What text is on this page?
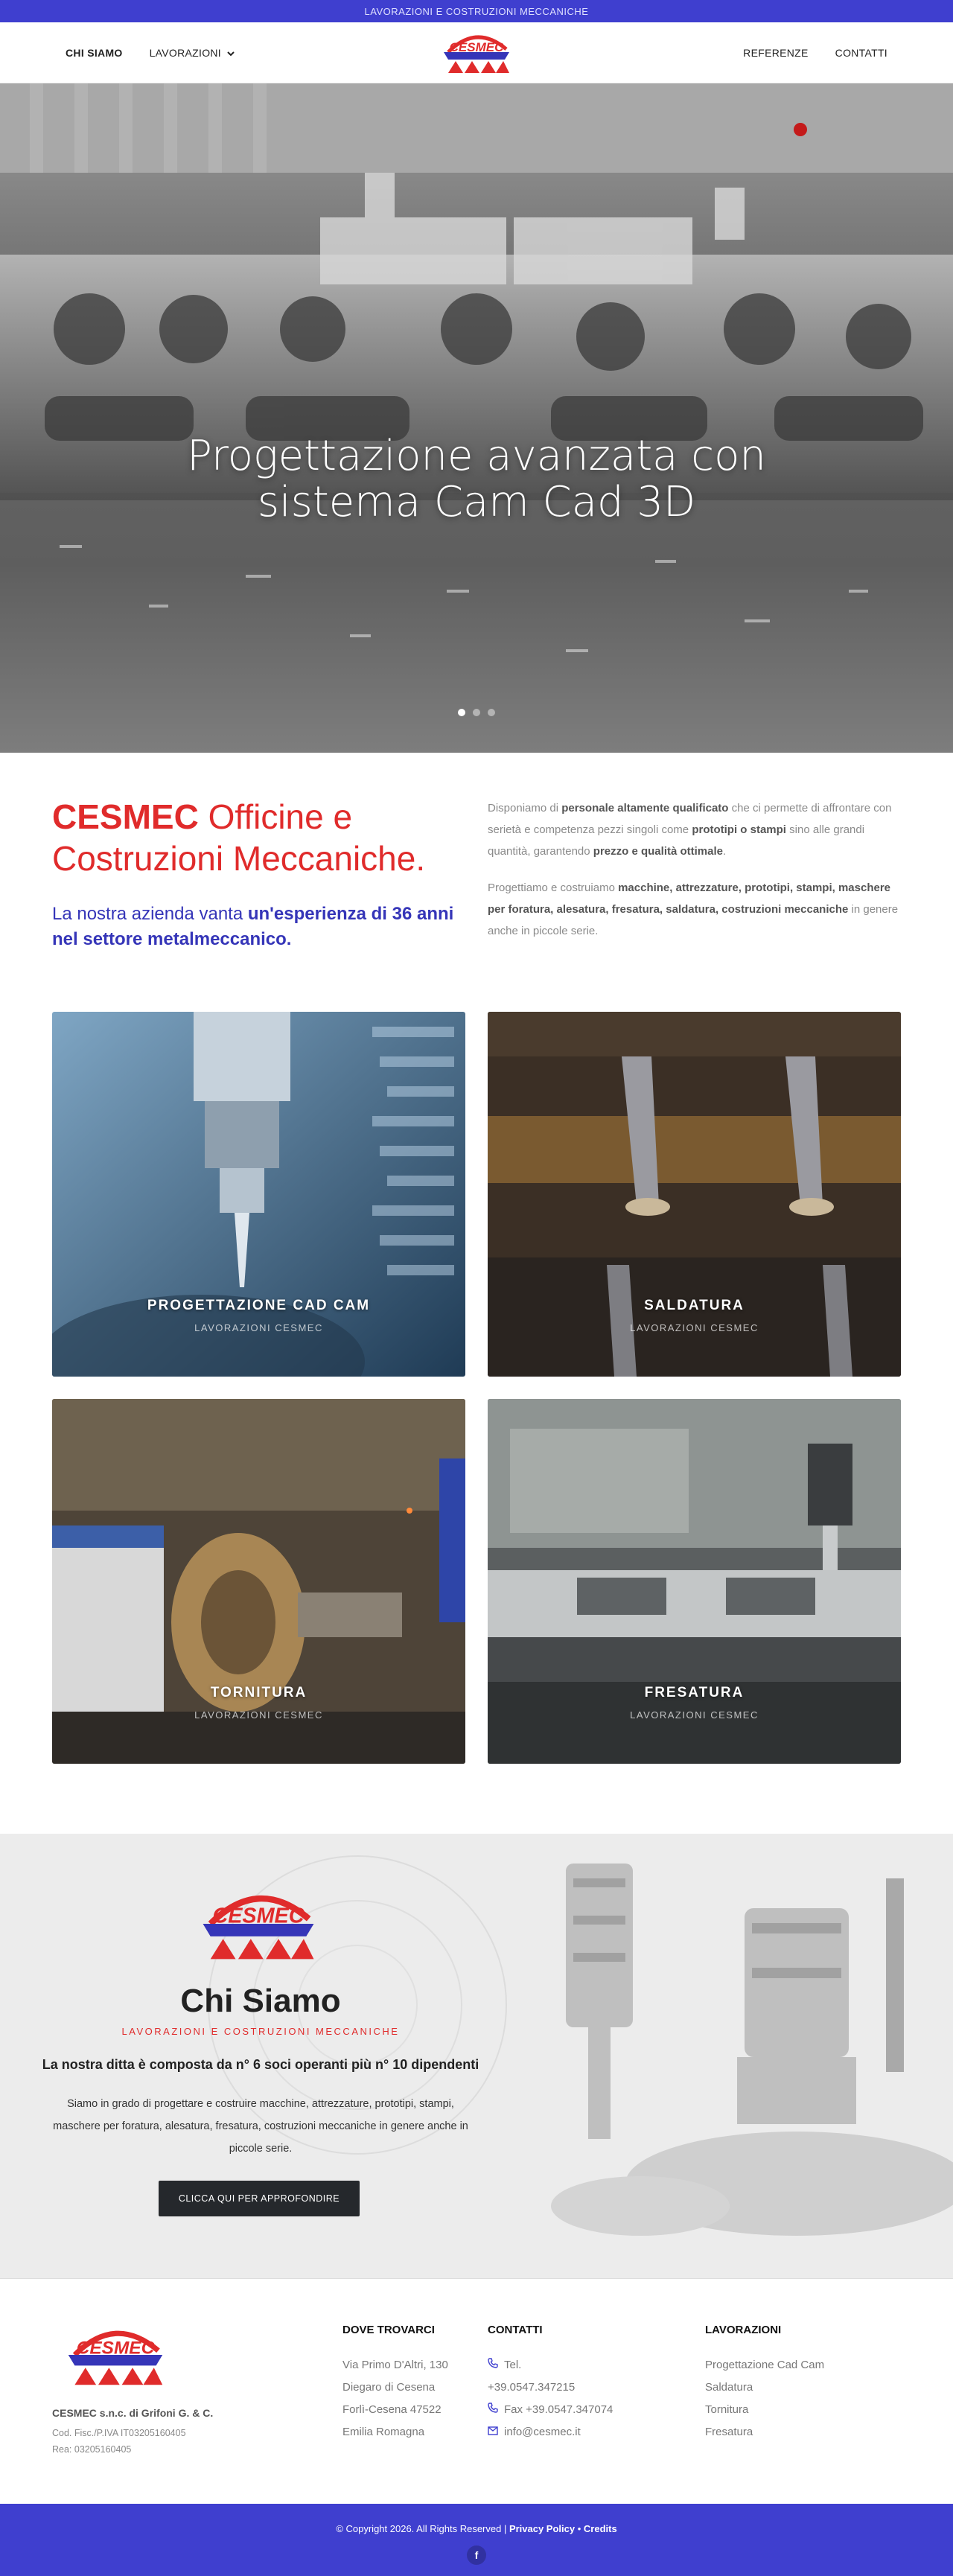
LAVORAZIONI E COSTRUZIONI MECCANICHE
CHI SIAMO	LAVORAZIONI	CESMEC	REFERENZE	CONTATTI
Progettazione avanzata con
sistema Cam Cad 3D
CESMEC Officine e
Costruzioni Meccaniche.
La nostra azienda vanta un'esperienza di 36 anni nel settore metalmeccanico.

Disponiamo di personale altamente qualificato che ci permette di affrontare con serietà e competenza pezzi singoli come prototipi o stampi sino alle grandi quantità, garantendo prezzo e qualità ottimale.

Progettiamo e costruiamo macchine, attrezzature, prototipi, stampi, maschere per foratura, alesatura, fresatura, saldatura, costruzioni meccaniche in genere anche in piccole serie.

PROGETTAZIONE CAD CAM
LAVORAZIONI CESMEC
SALDATURA
LAVORAZIONI CESMEC
TORNITURA
LAVORAZIONI CESMEC
FRESATURA
LAVORAZIONI CESMEC
CESMEC
Chi Siamo
LAVORAZIONI E COSTRUZIONI MECCANICHE
La nostra ditta è composta da n° 6 soci operanti più n° 10 dipendenti
Siamo in grado di progettare e costruire macchine, attrezzature, prototipi, stampi, maschere per foratura, alesatura, fresatura, costruzioni meccaniche in genere anche in piccole serie.
CLICCA QUI PER APPROFONDIRE
CESMEC
CESMEC s.n.c. di Grifoni G. & C.
Cod. Fisc./P.IVA IT03205160405
Rea: 03205160405
DOVE TROVARCI
Via Primo D'Altri, 130
Diegaro di Cesena
Forlì-Cesena 47522
Emilia Romagna
CONTATTI
Tel.
+39.0547.347215
Fax +39.0547.347074
info@cesmec.it
LAVORAZIONI
Progettazione Cad Cam
Saldatura
Tornitura
Fresatura
© Copyright 2026. All Rights Reserved | Privacy Policy • Credits
f
